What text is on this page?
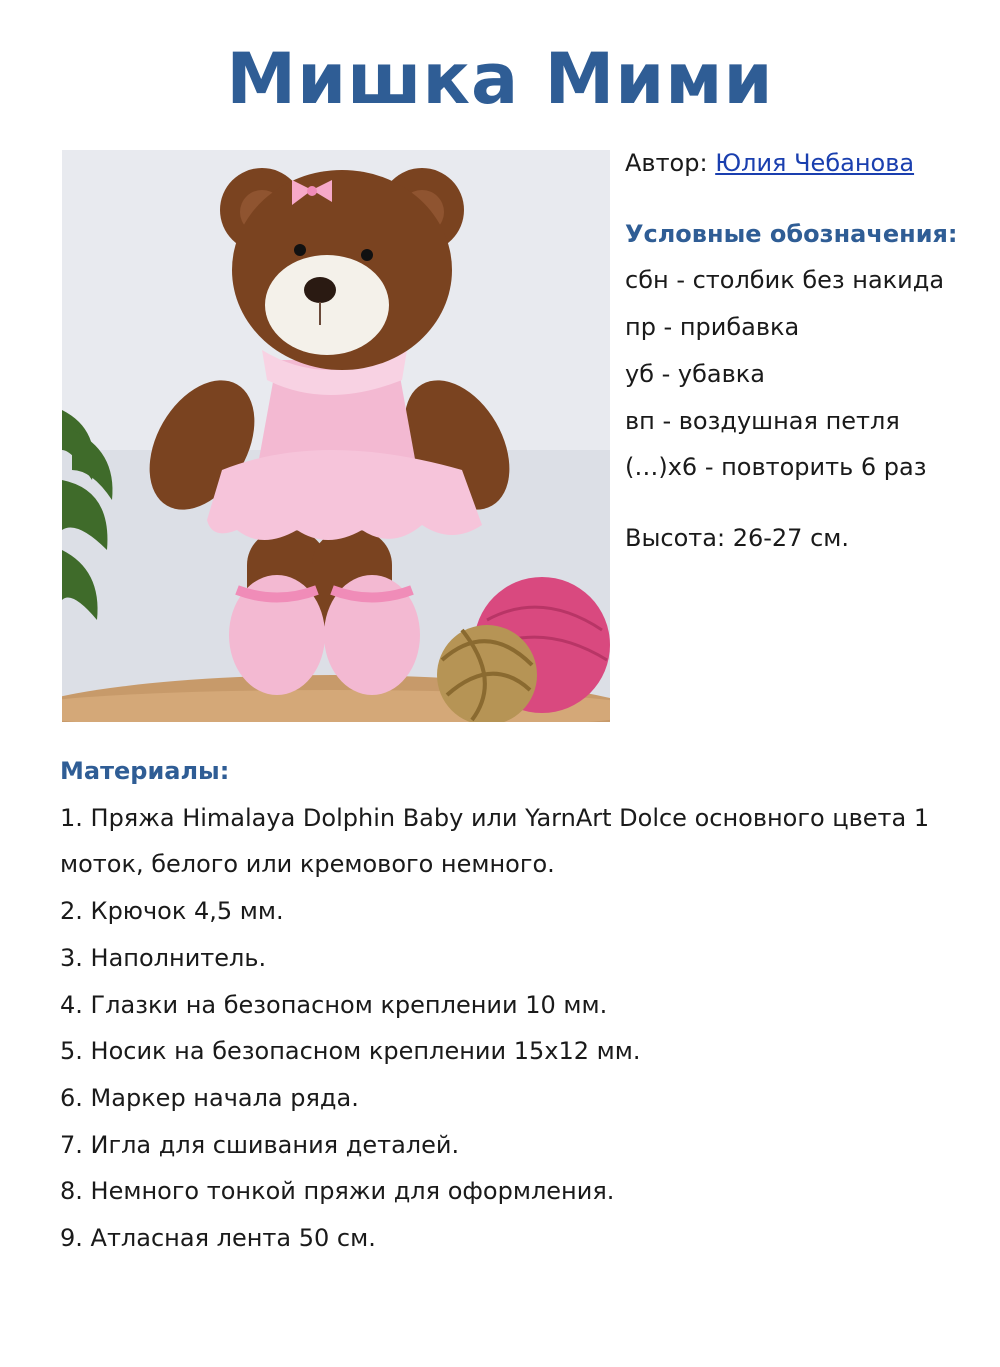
Мишка Мими
Автор: Юлия Чебанова
Условные обозначения:
сбн - столбик без накида
пр - прибавка
уб - убавка
вп - воздушная петля
(…)х6 - повторить 6 раз
Высота: 26-27 см.
Материалы:
1. Пряжа Himalaya Dolphin Baby или YarnArt Dolce основного цвета 1 моток, белого или кремового немного.
2. Крючок 4,5 мм.
3. Наполнитель.
4. Глазки на безопасном креплении 10 мм.
5. Носик на безопасном креплении 15х12 мм.
6. Маркер начала ряда.
7. Игла для сшивания деталей.
8. Немного тонкой пряжи для оформления.
9. Атласная лента 50 см.
